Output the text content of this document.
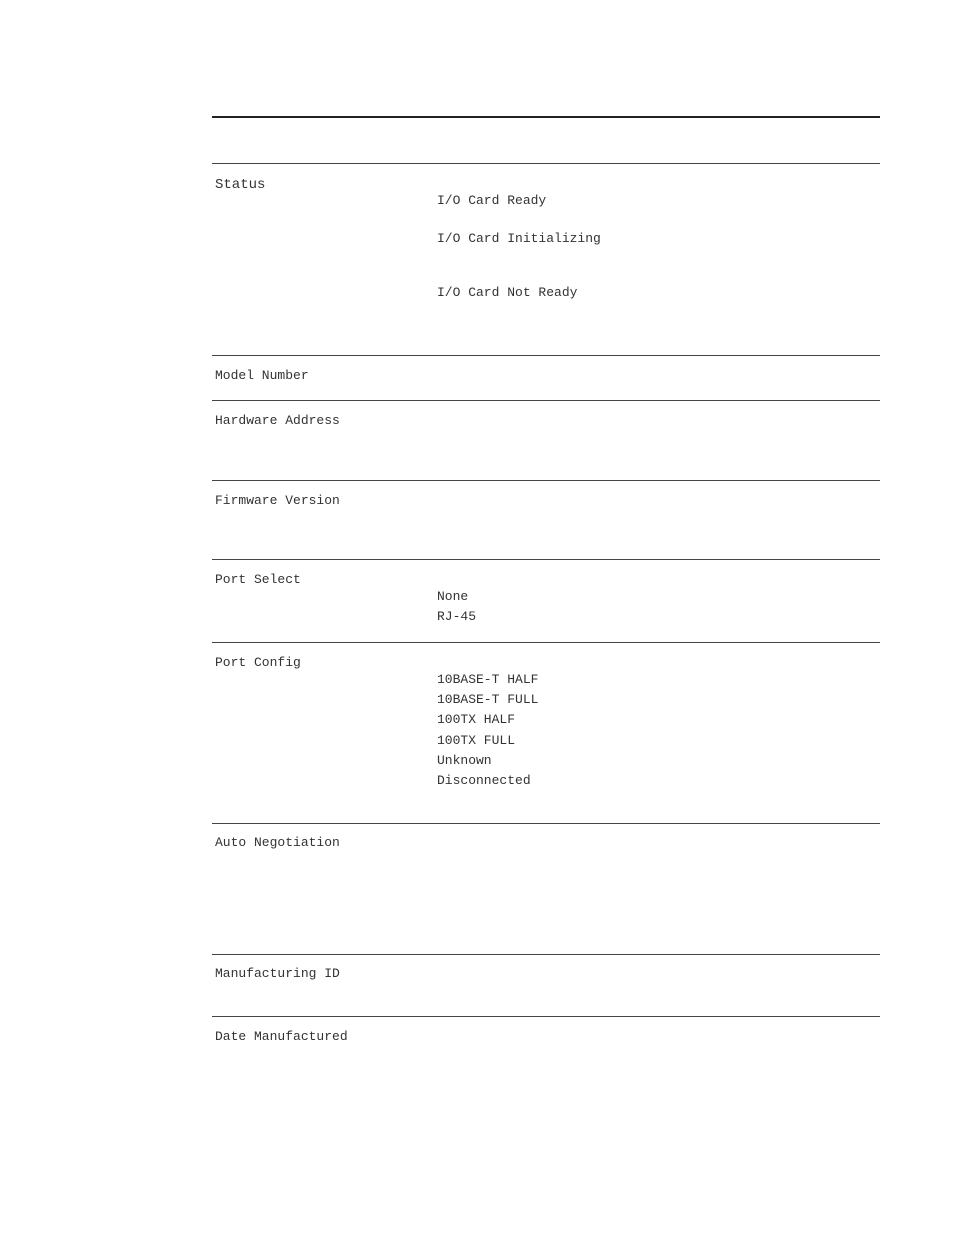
Status
I/O Card Ready
I/O Card Initializing
I/O Card Not Ready
Model Number
Hardware Address
Firmware Version
Port Select
None
RJ-45
Port Config
10BASE-T HALF
10BASE-T FULL
100TX HALF
100TX FULL
Unknown
Disconnected
Auto Negotiation
Manufacturing ID
Date Manufactured
